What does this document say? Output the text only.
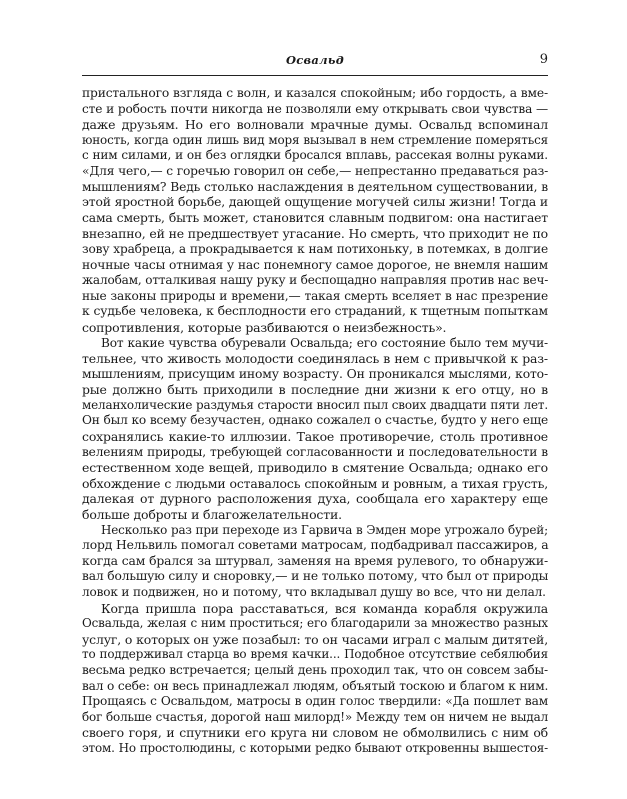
Освальд	9
пристального взгляда с волн, и казался спокойным; ибо гордость, а вме-
сте и робость почти никогда не позволяли ему открывать свои чувства —
даже друзьям. Но его волновали мрачные думы. Освальд вспоминал
юность, когда один лишь вид моря вызывал в нем стремление померяться
с ним силами, и он без оглядки бросался вплавь, рассекая волны руками.
«Для чего,— с горечью говорил он себе,— непрестанно предаваться раз-
мышлениям? Ведь столько наслаждения в деятельном существовании, в
этой яростной борьбе, дающей ощущение могучей силы жизни! Тогда и
сама смерть, быть может, становится славным подвигом: она настигает
внезапно, ей не предшествует угасание. Но смерть, что приходит не по
зову храбреца, а прокрадывается к нам потихоньку, в потемках, в долгие
ночные часы отнимая у нас понемногу самое дорогое, не внемля нашим
жалобам, отталкивая нашу руку и беспощадно направляя против нас веч-
ные законы природы и времени,— такая смерть вселяет в нас презрение
к судьбе человека, к бесплодности его страданий, к тщетным попыткам
сопротивления, которые разбиваются о неизбежность».
Вот какие чувства обуревали Освальда; его состояние было тем мучи-
тельнее, что живость молодости соединялась в нем с привычкой к раз-
мышлениям, присущим иному возрасту. Он проникался мыслями, кото-
рые должно быть приходили в последние дни жизни к его отцу, но в
меланхолические раздумья старости вносил пыл своих двадцати пяти лет.
Он был ко всему безучастен, однако сожалел о счастье, будто у него еще
сохранялись какие-то иллюзии. Такое противоречие, столь противное
велениям природы, требующей согласованности и последовательности в
естественном ходе вещей, приводило в смятение Освальда; однако его
обхождение с людьми оставалось спокойным и ровным, а тихая грусть,
далекая от дурного расположения духа, сообщала его характеру еще
больше доброты и благожелательности.
Несколько раз при переходе из Гарвича в Эмден море угрожало бурей;
лорд Нельвиль помогал советами матросам, подбадривал пассажиров, а
когда сам брался за штурвал, заменяя на время рулевого, то обнаружи-
вал большую силу и сноровку,— и не только потому, что был от природы
ловок и подвижен, но и потому, что вкладывал душу во все, что ни делал.
Когда пришла пора расставаться, вся команда корабля окружила
Освальда, желая с ним проститься; его благодарили за множество разных
услуг, о которых он уже позабыл: то он часами играл с малым дитятей,
то поддерживал старца во время качки... Подобное отсутствие себялюбия
весьма редко встречается; целый день проходил так, что он совсем забы-
вал о себе: он весь принадлежал людям, объятый тоскою и благом к ним.
Прощаясь с Освальдом, матросы в один голос твердили: «Да пошлет вам
бог больше счастья, дорогой наш милорд!» Между тем он ничем не выдал
своего горя, и спутники его круга ни словом не обмолвились с ним об
этом. Но простолюдины, с которыми редко бывают откровенны вышестоя-
